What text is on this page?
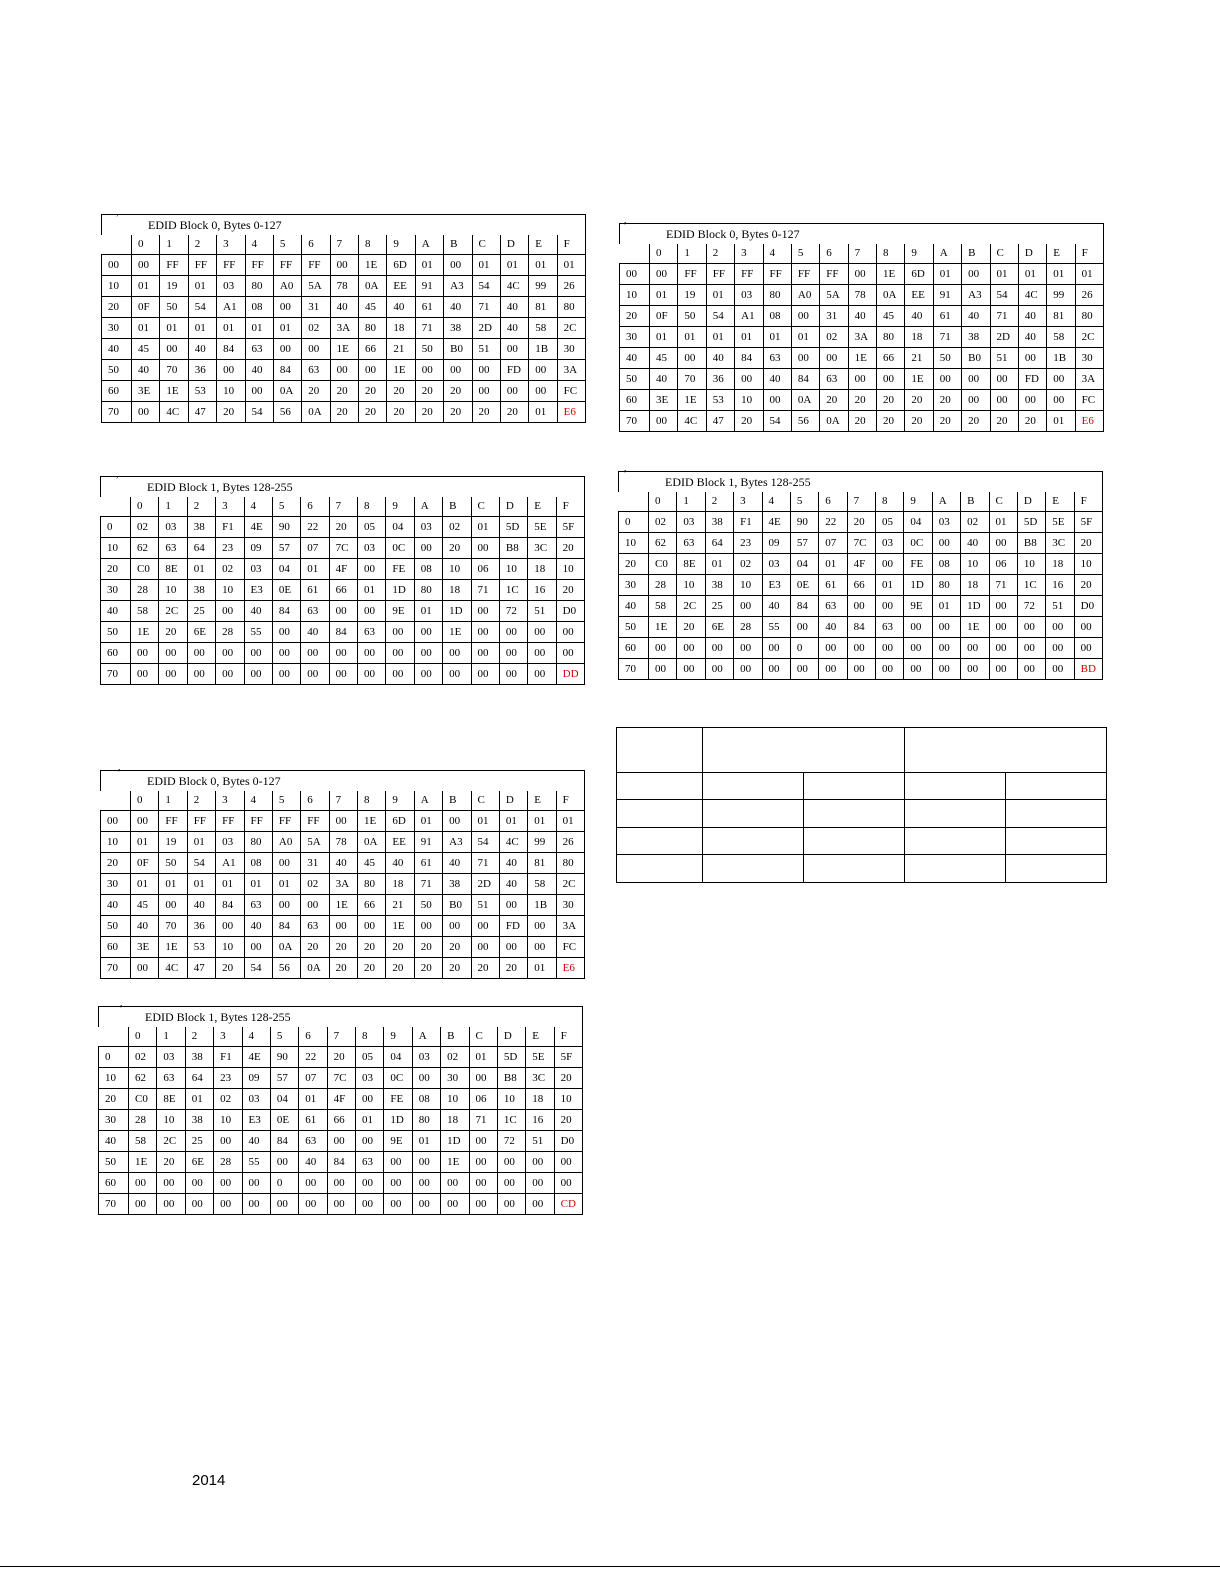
EDID Block 0, Bytes 0-127																
	0	1	2	3	4	5	6	7	8	9	A	B	C	D	E	F
00	00	FF	FF	FF	FF	FF	FF	00	1E	6D	01	00	01	01	01	01
10	01	19	01	03	80	A0	5A	78	0A	EE	91	A3	54	4C	99	26
20	0F	50	54	A1	08	00	31	40	45	40	61	40	71	40	81	80
30	01	01	01	01	01	01	02	3A	80	18	71	38	2D	40	58	2C
40	45	00	40	84	63	00	00	1E	66	21	50	B0	51	00	1B	30
50	40	70	36	00	40	84	63	00	00	1E	00	00	00	FD	00	3A
60	3E	1E	53	10	00	0A	20	20	20	20	20	20	00	00	00	FC
70	00	4C	47	20	54	56	0A	20	20	20	20	20	20	20	01	E6
,
EDID Block 0, Bytes 0-127																
	0	1	2	3	4	5	6	7	8	9	A	B	C	D	E	F
00	00	FF	FF	FF	FF	FF	FF	00	1E	6D	01	00	01	01	01	01
10	01	19	01	03	80	A0	5A	78	0A	EE	91	A3	54	4C	99	26
20	0F	50	54	A1	08	00	31	40	45	40	61	40	71	40	81	80
30	01	01	01	01	01	01	02	3A	80	18	71	38	2D	40	58	2C
40	45	00	40	84	63	00	00	1E	66	21	50	B0	51	00	1B	30
50	40	70	36	00	40	84	63	00	00	1E	00	00	00	FD	00	3A
60	3E	1E	53	10	00	0A	20	20	20	20	20	00	00	00	00	FC
70	00	4C	47	20	54	56	0A	20	20	20	20	20	20	20	01	E6
,
EDID Block 1, Bytes 128-255																
	0	1	2	3	4	5	6	7	8	9	A	B	C	D	E	F
0	02	03	38	F1	4E	90	22	20	05	04	03	02	01	5D	5E	5F
10	62	63	64	23	09	57	07	7C	03	0C	00	20	00	B8	3C	20
20	C0	8E	01	02	03	04	01	4F	00	FE	08	10	06	10	18	10
30	28	10	38	10	E3	0E	61	66	01	1D	80	18	71	1C	16	20
40	58	2C	25	00	40	84	63	00	00	9E	01	1D	00	72	51	D0
50	1E	20	6E	28	55	00	40	84	63	00	00	1E	00	00	00	00
60	00	00	00	00	00	00	00	00	00	00	00	00	00	00	00	00
70	00	00	00	00	00	00	00	00	00	00	00	00	00	00	00	DD
,
EDID Block 1, Bytes 128-255																
	0	1	2	3	4	5	6	7	8	9	A	B	C	D	E	F
0	02	03	38	F1	4E	90	22	20	05	04	03	02	01	5D	5E	5F
10	62	63	64	23	09	57	07	7C	03	0C	00	40	00	B8	3C	20
20	C0	8E	01	02	03	04	01	4F	00	FE	08	10	06	10	18	10
30	28	10	38	10	E3	0E	61	66	01	1D	80	18	71	1C	16	20
40	58	2C	25	00	40	84	63	00	00	9E	01	1D	00	72	51	D0
50	1E	20	6E	28	55	00	40	84	63	00	00	1E	00	00	00	00
60	00	00	00	00	00	0	00	00	00	00	00	00	00	00	00	00
70	00	00	00	00	00	00	00	00	00	00	00	00	00	00	00	BD
,
EDID Block 0, Bytes 0-127																
	0	1	2	3	4	5	6	7	8	9	A	B	C	D	E	F
00	00	FF	FF	FF	FF	FF	FF	00	1E	6D	01	00	01	01	01	01
10	01	19	01	03	80	A0	5A	78	0A	EE	91	A3	54	4C	99	26
20	0F	50	54	A1	08	00	31	40	45	40	61	40	71	40	81	80
30	01	01	01	01	01	01	02	3A	80	18	71	38	2D	40	58	2C
40	45	00	40	84	63	00	00	1E	66	21	50	B0	51	00	1B	30
50	40	70	36	00	40	84	63	00	00	1E	00	00	00	FD	00	3A
60	3E	1E	53	10	00	0A	20	20	20	20	20	20	00	00	00	FC
70	00	4C	47	20	54	56	0A	20	20	20	20	20	20	20	01	E6
,
EDID Block 1, Bytes 128-255																
	0	1	2	3	4	5	6	7	8	9	A	B	C	D	E	F
0	02	03	38	F1	4E	90	22	20	05	04	03	02	01	5D	5E	5F
10	62	63	64	23	09	57	07	7C	03	0C	00	30	00	B8	3C	20
20	C0	8E	01	02	03	04	01	4F	00	FE	08	10	06	10	18	10
30	28	10	38	10	E3	0E	61	66	01	1D	80	18	71	1C	16	20
40	58	2C	25	00	40	84	63	00	00	9E	01	1D	00	72	51	D0
50	1E	20	6E	28	55	00	40	84	63	00	00	1E	00	00	00	00
60	00	00	00	00	00	0	00	00	00	00	00	00	00	00	00	00
70	00	00	00	00	00	00	00	00	00	00	00	00	00	00	00	CD
,

2014
